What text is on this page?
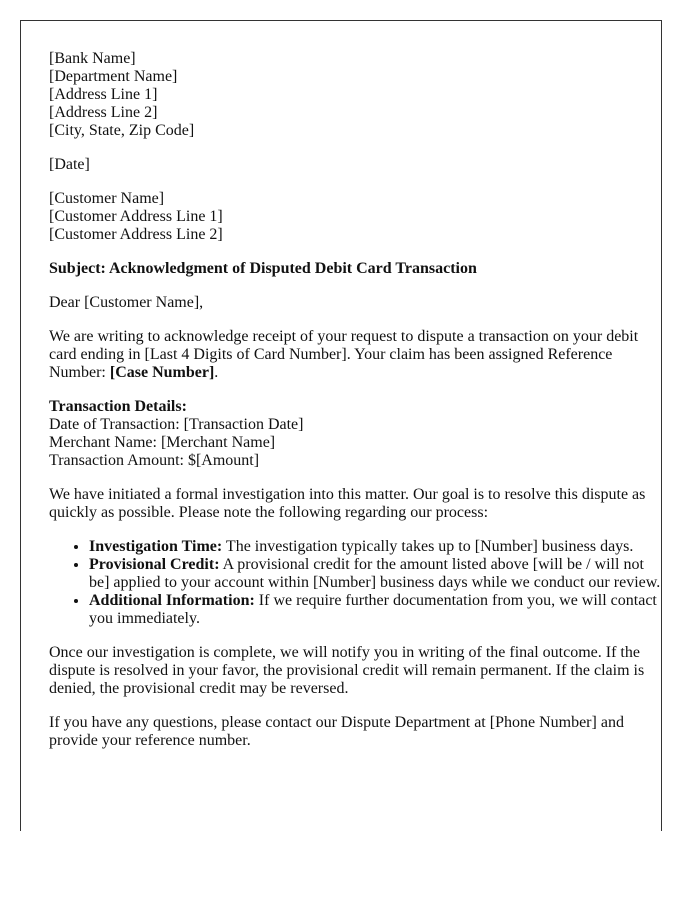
[Bank Name]
[Department Name]
[Address Line 1]
[Address Line 2]
[City, State, Zip Code]

[Date]

[Customer Name]
[Customer Address Line 1]
[Customer Address Line 2]

Subject: Acknowledgment of Disputed Debit Card Transaction

Dear [Customer Name],

We are writing to acknowledge receipt of your request to dispute a transaction on your debit card ending in [Last 4 Digits of Card Number]. Your claim has been assigned Reference Number: [Case Number].

Transaction Details:
Date of Transaction: [Transaction Date]
Merchant Name: [Merchant Name]
Transaction Amount: $[Amount]

We have initiated a formal investigation into this matter. Our goal is to resolve this dispute as quickly as possible. Please note the following regarding our process:

• Investigation Time: The investigation typically takes up to [Number] business days.
• Provisional Credit: A provisional credit for the amount listed above [will be / will not be] applied to your account within [Number] business days while we conduct our review.
• Additional Information: If we require further documentation from you, we will contact you immediately.

Once our investigation is complete, we will notify you in writing of the final outcome. If the dispute is resolved in your favor, the provisional credit will remain permanent. If the claim is denied, the provisional credit may be reversed.

If you have any questions, please contact our Dispute Department at [Phone Number] and provide your reference number.
